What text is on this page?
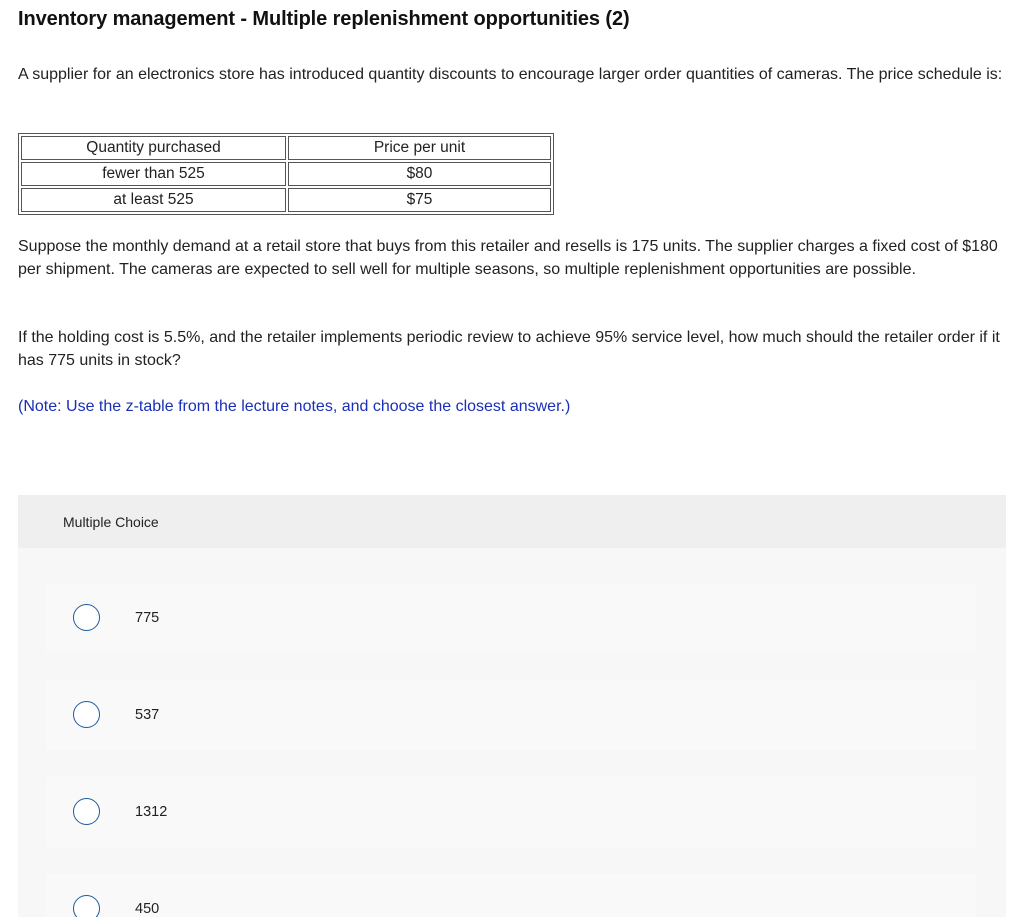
Inventory management - Multiple replenishment opportunities (2)

A supplier for an electronics store has introduced quantity discounts to encourage larger order quantities of cameras. The price schedule is:

Quantity purchased	Price per unit
fewer than 525	$80
at least 525	$75

Suppose the monthly demand at a retail store that buys from this retailer and resells is 175 units. The supplier charges a fixed cost of $180 per shipment. The cameras are expected to sell well for multiple seasons, so multiple replenishment opportunities are possible.

If the holding cost is 5.5%, and the retailer implements periodic review to achieve 95% service level, how much should the retailer order if it has 775 units in stock?

(Note: Use the z-table from the lecture notes, and choose the closest answer.)

Multiple Choice
775
537
1312
450
